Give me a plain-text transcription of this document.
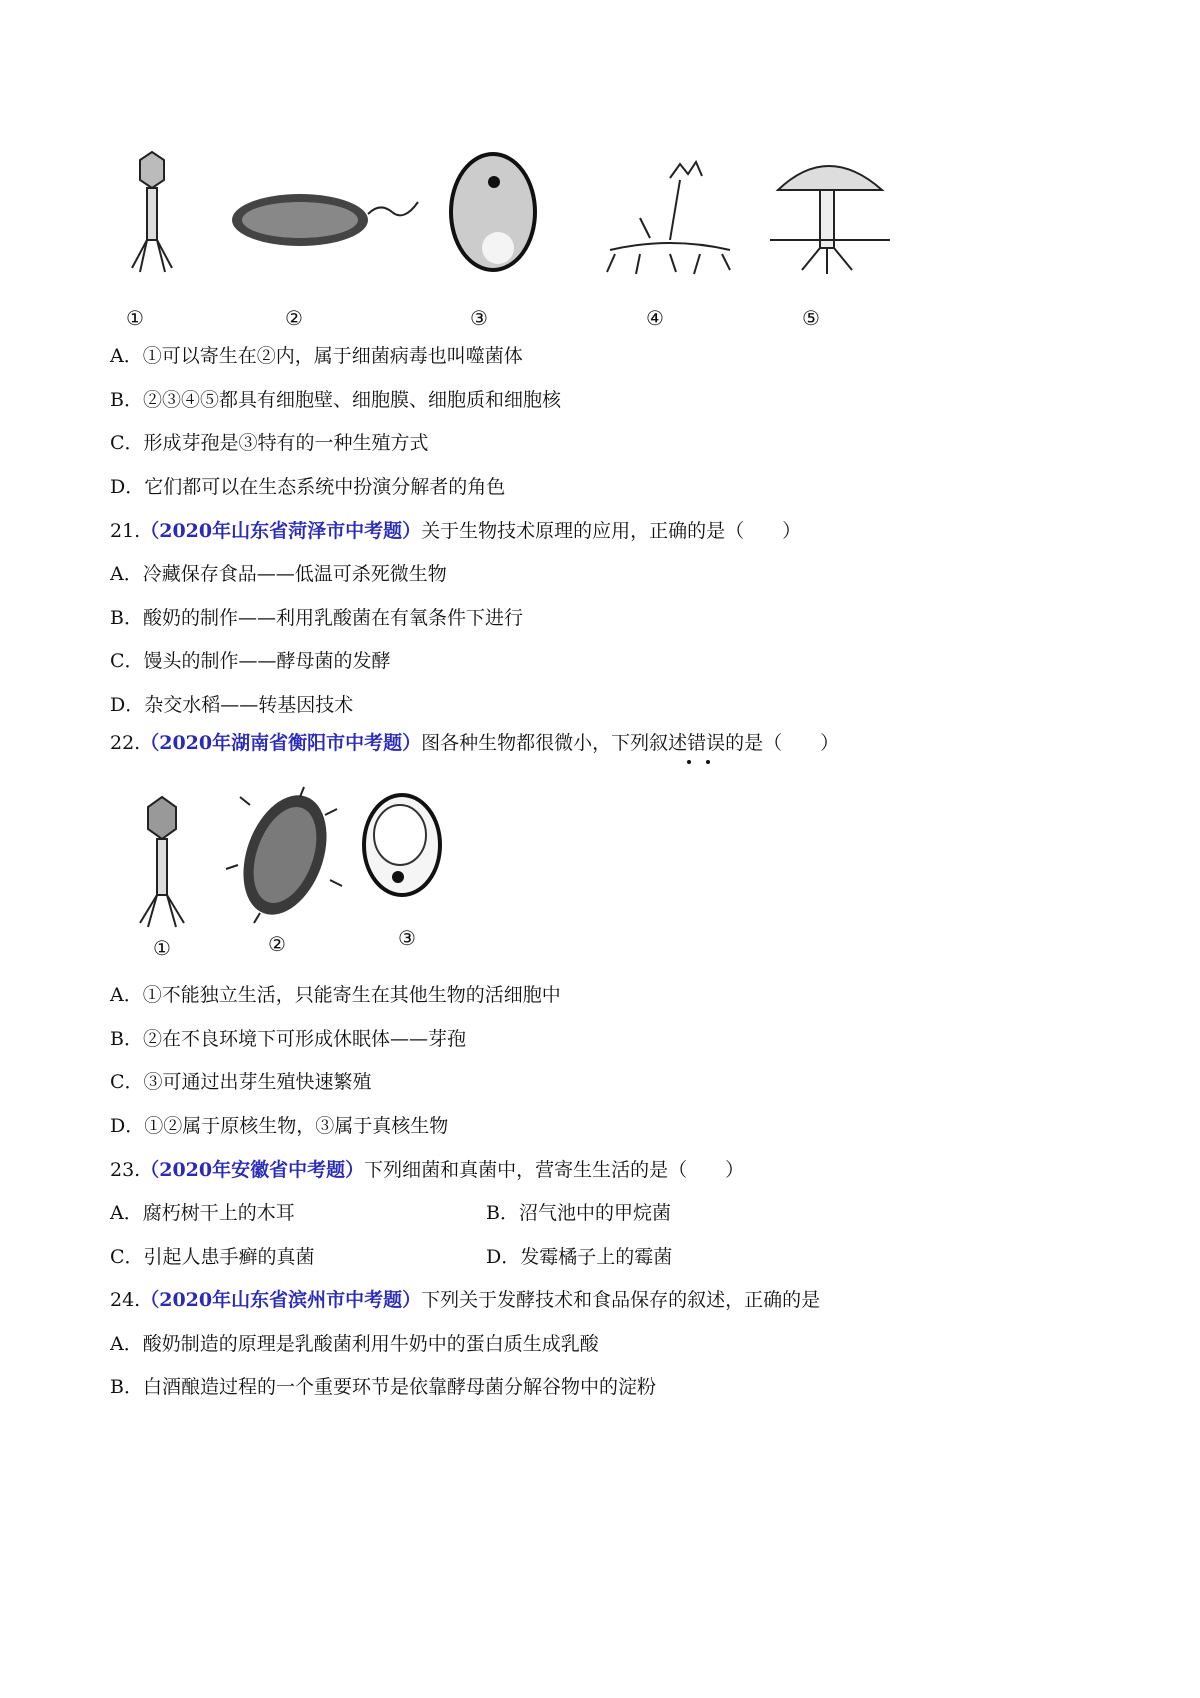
①	②	③	④	⑤
A．①可以寄生在②内，属于细菌病毒也叫噬菌体
B．②③④⑤都具有细胞壁、细胞膜、细胞质和细胞核
C．形成芽孢是③特有的一种生殖方式
D．它们都可以在生态系统中扮演分解者的角色
21.（2020年山东省菏泽市中考题）关于生物技术原理的应用，正确的是（　　）
A．冷藏保存食品——低温可杀死微生物
B．酸奶的制作——利用乳酸菌在有氧条件下进行
C．馒头的制作——酵母菌的发酵
D．杂交水稻——转基因技术
22.（2020年湖南省衡阳市中考题）图各种生物都很微小，下列叙述错误的是（　　）
①	②	③
A．①不能独立生活，只能寄生在其他生物的活细胞中
B．②在不良环境下可形成休眠体——芽孢
C．③可通过出芽生殖快速繁殖
D．①②属于原核生物，③属于真核生物
23.（2020年安徽省中考题）下列细菌和真菌中，营寄生生活的是（　　）
A．腐朽树干上的木耳	B．沼气池中的甲烷菌
C．引起人患手癣的真菌	D．发霉橘子上的霉菌
24.（2020年山东省滨州市中考题）下列关于发酵技术和食品保存的叙述，正确的是
A．酸奶制造的原理是乳酸菌利用牛奶中的蛋白质生成乳酸
B．白酒酿造过程的一个重要环节是依靠酵母菌分解谷物中的淀粉
